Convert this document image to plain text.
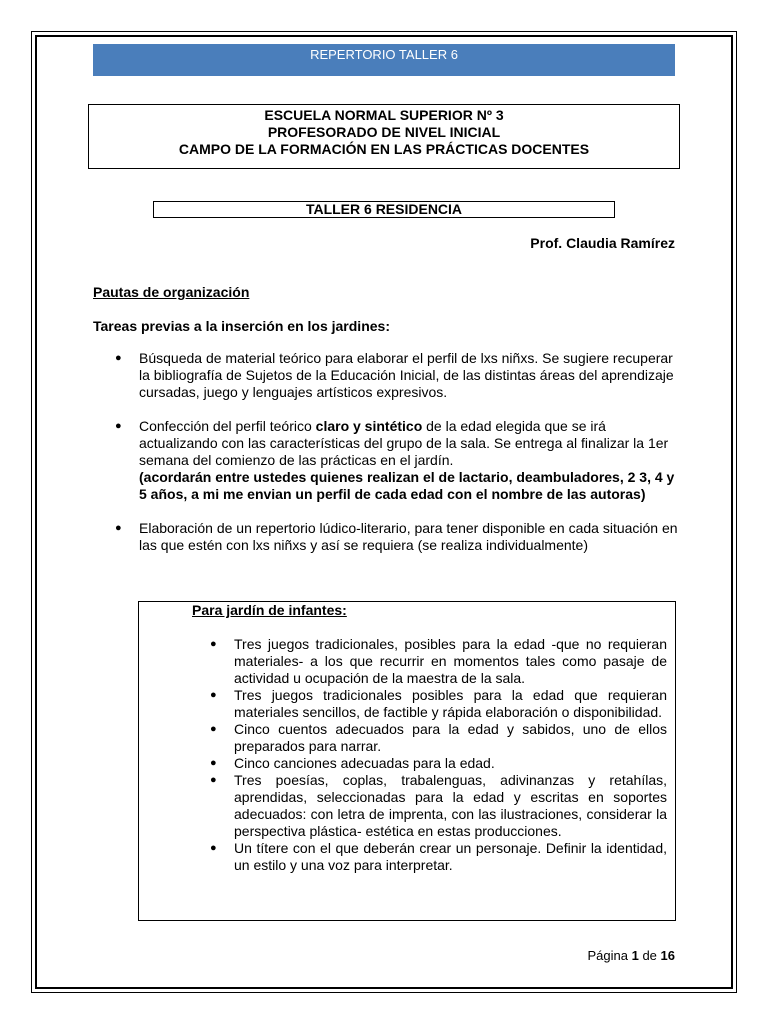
REPERTORIO TALLER 6
ESCUELA NORMAL SUPERIOR Nº 3
PROFESORADO DE NIVEL INICIAL
CAMPO DE LA FORMACIÓN EN LAS PRÁCTICAS DOCENTES
TALLER 6 RESIDENCIA
Prof. Claudia Ramírez
Pautas de organización
Tareas previas a la inserción en los jardines:
● Búsqueda de material teórico para elaborar el perfil de lxs niñxs. Se sugiere recuperar la bibliografía de Sujetos de la Educación Inicial, de las distintas áreas del aprendizaje cursadas, juego y lenguajes artísticos expresivos.
● Confección del perfil teórico claro y sintético de la edad elegida que se irá actualizando con las características del grupo de la sala. Se entrega al finalizar la 1er semana del comienzo de las prácticas en el jardín.
(acordarán entre ustedes quienes realizan el de lactario, deambuladores, 2 3, 4 y 5 años, a mi me envian un perfil de cada edad con el nombre de las autoras)
● Elaboración de un repertorio lúdico-literario, para tener disponible en cada situación en las que estén con lxs niñxs y así se requiera (se realiza individualmente)
Para jardín de infantes:
● Tres juegos tradicionales, posibles para la edad -que no requieran materiales- a los que recurrir en momentos tales como pasaje de actividad u ocupación de la maestra de la sala.
● Tres juegos tradicionales posibles para la edad que requieran materiales sencillos, de factible y rápida elaboración o disponibilidad.
● Cinco cuentos adecuados para la edad y sabidos, uno de ellos preparados para narrar.
● Cinco canciones adecuadas para la edad.
● Tres poesías, coplas, trabalenguas, adivinanzas y retahílas, aprendidas, seleccionadas para la edad y escritas en soportes adecuados: con letra de imprenta, con las ilustraciones, considerar la perspectiva plástica- estética en estas producciones.
● Un títere con el que deberán crear un personaje. Definir la identidad, un estilo y una voz para interpretar.
Página 1 de 16
